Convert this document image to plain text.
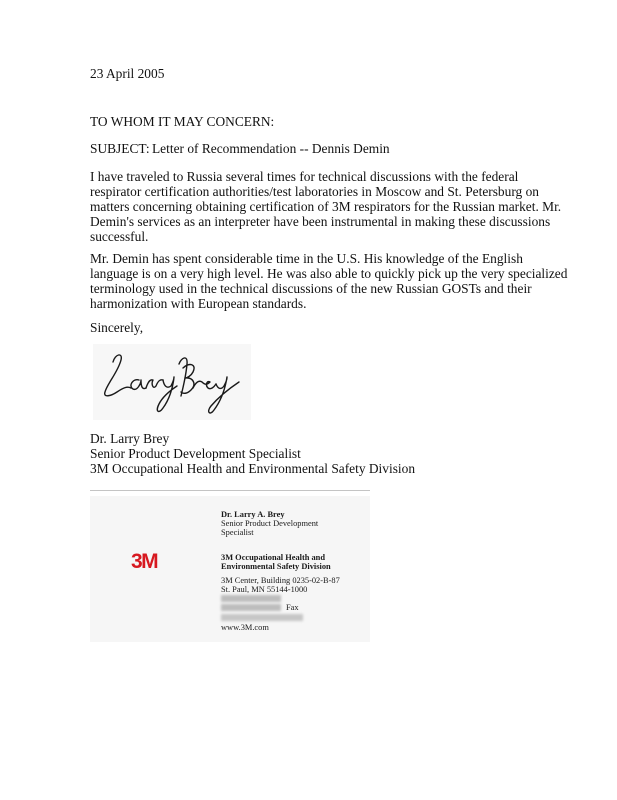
23 April 2005

TO WHOM IT MAY CONCERN:

SUBJECT: Letter of Recommendation -- Dennis Demin

I have traveled to Russia several times for technical discussions with the federal
respirator certification authorities/test laboratories in Moscow and St. Petersburg on
matters concerning obtaining certification of 3M respirators for the Russian market. Mr.
Demin's services as an interpreter have been instrumental in making these discussions
successful.

Mr. Demin has spent considerable time in the U.S. His knowledge of the English
language is on a very high level. He was also able to quickly pick up the very specialized
terminology used in the technical discussions of the new Russian GOSTs and their
harmonization with European standards.

Sincerely,

Dr. Larry Brey
Senior Product Development Specialist
3M Occupational Health and Environmental Safety Division
3M
Dr. Larry A. Brey
Senior Product Development
Specialist
3M Occupational Health and
Environmental Safety Division
3M Center, Building 0235-02-B-87
St. Paul, MN 55144-1000
Fax
www.3M.com
